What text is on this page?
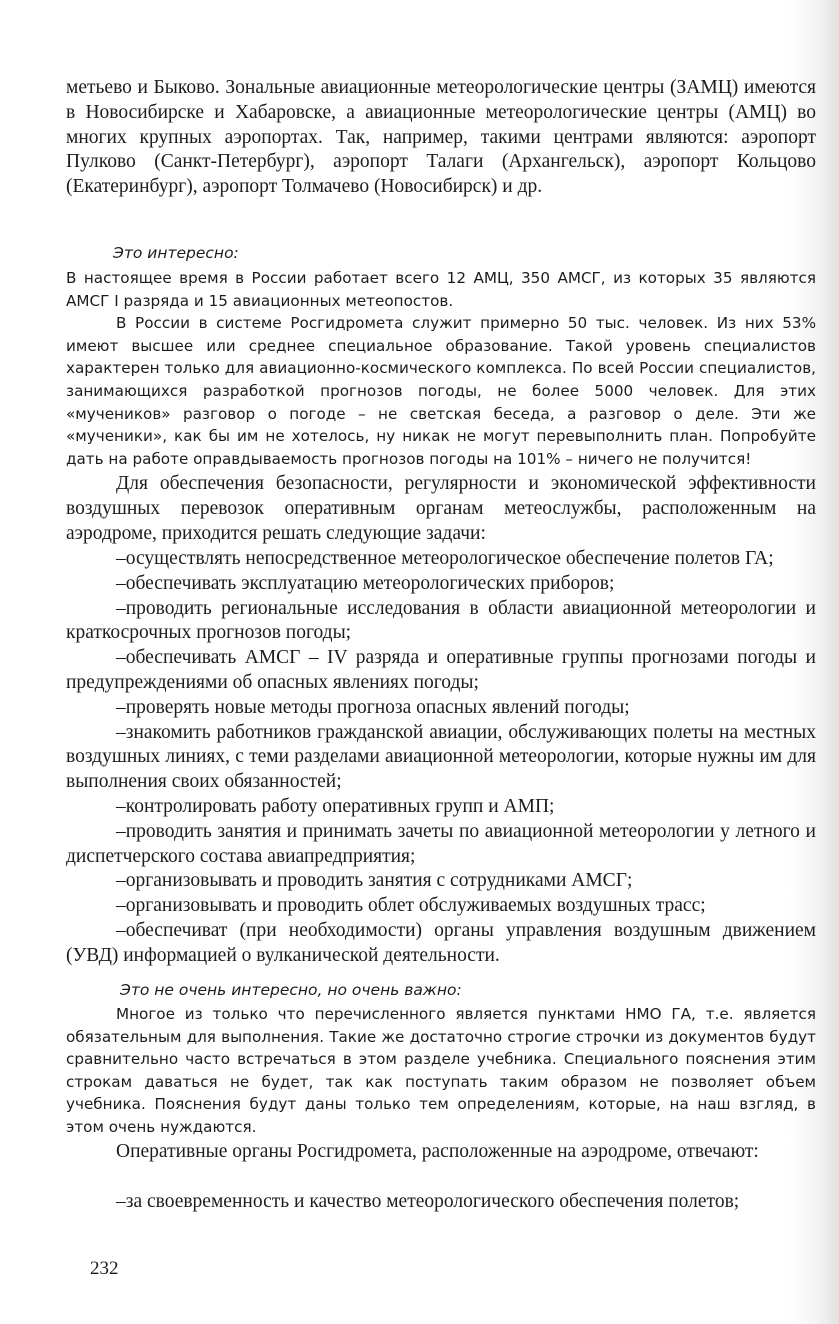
метьево и Быково. Зональные авиационные метеорологические центры (ЗАМЦ) имеются в Новосибирске и Хабаровске, а авиационные метеорологические центры (АМЦ) во многих крупных аэропортах. Так, например, такими центрами являются: аэропорт Пулково (Санкт-Петербург), аэропорт Талаги (Архангельск), аэропорт Кольцово (Екатеринбург), аэропорт Толмачево (Новосибирск) и др.

Это интересно:

В настоящее время в России работает всего 12 АМЦ, 350 АМСГ, из которых 35 являются АМСГ I разряда и 15 авиационных метеопостов.

В России в системе Росгидромета служит примерно 50 тыс. человек. Из них 53% имеют высшее или среднее специальное образование. Такой уровень специалистов характерен только для авиационно-космического комплекса. По всей России специалистов, занимающихся разработкой прогнозов погоды, не более 5000 человек. Для этих «мучеников» разговор о погоде – не светская беседа, а разговор о деле. Эти же «мученики», как бы им не хотелось, ну никак не могут перевыполнить план. Попробуйте дать на работе оправдываемость прогнозов погоды на 101% – ничего не получится!

Для обеспечения безопасности, регулярности и экономической эффективности воздушных перевозок оперативным органам метеослужбы, расположенным на аэродроме, приходится решать следующие задачи:

–осуществлять непосредственное метеорологическое обеспечение полетов ГА;

–обеспечивать эксплуатацию метеорологических приборов;

–проводить региональные исследования в области авиационной метеорологии и краткосрочных прогнозов погоды;

–обеспечивать АМСГ – IV разряда и оперативные группы прогнозами погоды и предупреждениями об опасных явлениях погоды;

–проверять новые методы прогноза опасных явлений погоды;

–знакомить работников гражданской авиации, обслуживающих полеты на местных воздушных линиях, с теми разделами авиационной метеорологии, которые нужны им для выполнения своих обязанностей;

–контролировать работу оперативных групп и АМП;

–проводить занятия и принимать зачеты по авиационной метеорологии у летного и диспетчерского состава авиапредприятия;

–организовывать и проводить занятия с сотрудниками АМСГ;

–организовывать и проводить облет обслуживаемых воздушных трасс;

–обеспечиват (при необходимости) органы управления воздушным движением (УВД) информацией о вулканической деятельности.

Это не очень интересно, но очень важно:

Многое из только что перечисленного является пунктами НМО ГА, т.е. является обязательным для выполнения. Такие же достаточно строгие строчки из документов будут сравнительно часто встречаться в этом разделе учебника. Специального пояснения этим строкам даваться не будет, так как поступать таким образом не позволяет объем учебника. Пояснения будут даны только тем определениям, которые, на наш взгляд, в этом очень нуждаются.

Оперативные органы Росгидромета, расположенные на аэродроме, отвечают:

–за своевременность и качество метеорологического обеспечения полетов;

232
